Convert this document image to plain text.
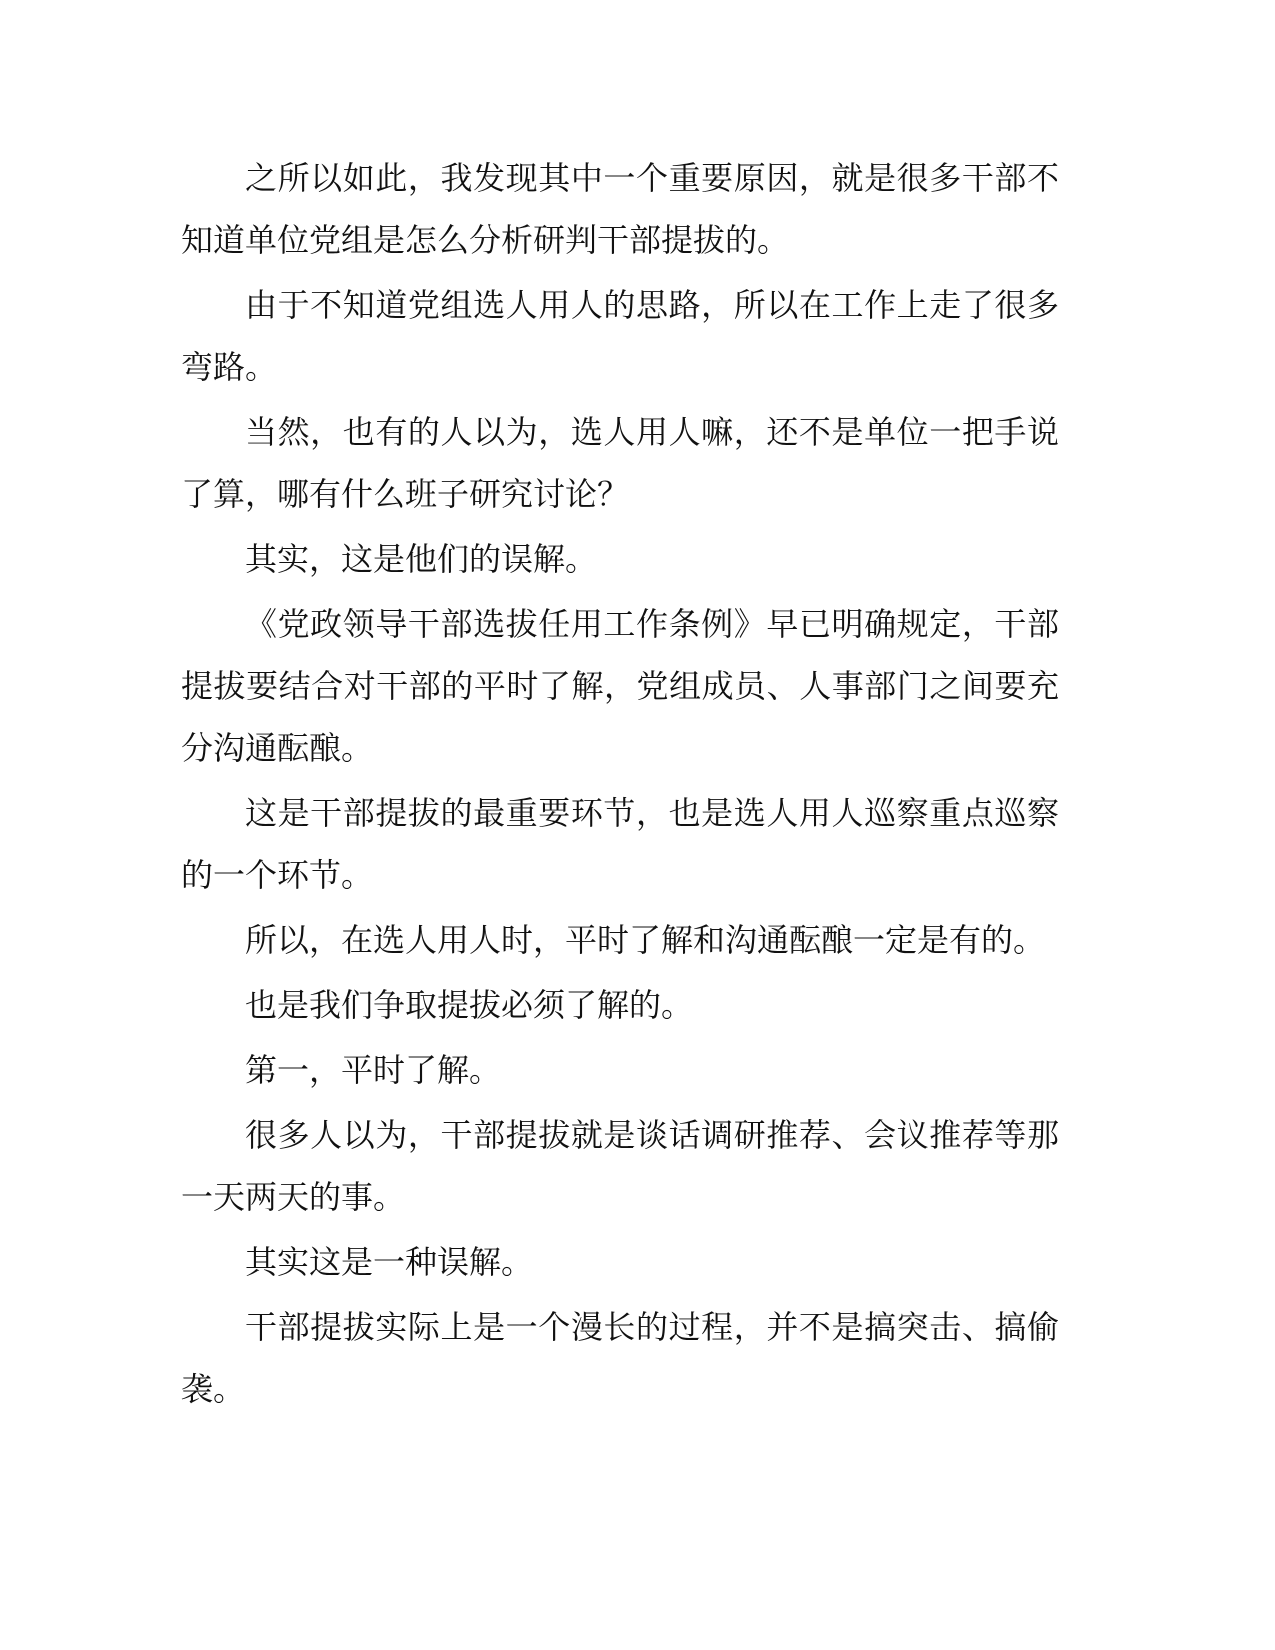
之所以如此，我发现其中一个重要原因，就是很多干部不知道单位党组是怎么分析研判干部提拔的。

由于不知道党组选人用人的思路，所以在工作上走了很多弯路。

当然，也有的人以为，选人用人嘛，还不是单位一把手说了算，哪有什么班子研究讨论？

其实，这是他们的误解。

《党政领导干部选拔任用工作条例》早已明确规定，干部提拔要结合对干部的平时了解，党组成员、人事部门之间要充分沟通酝酿。

这是干部提拔的最重要环节，也是选人用人巡察重点巡察的一个环节。

所以，在选人用人时，平时了解和沟通酝酿一定是有的。

也是我们争取提拔必须了解的。

第一，平时了解。

很多人以为，干部提拔就是谈话调研推荐、会议推荐等那一天两天的事。

其实这是一种误解。

干部提拔实际上是一个漫长的过程，并不是搞突击、搞偷袭。
